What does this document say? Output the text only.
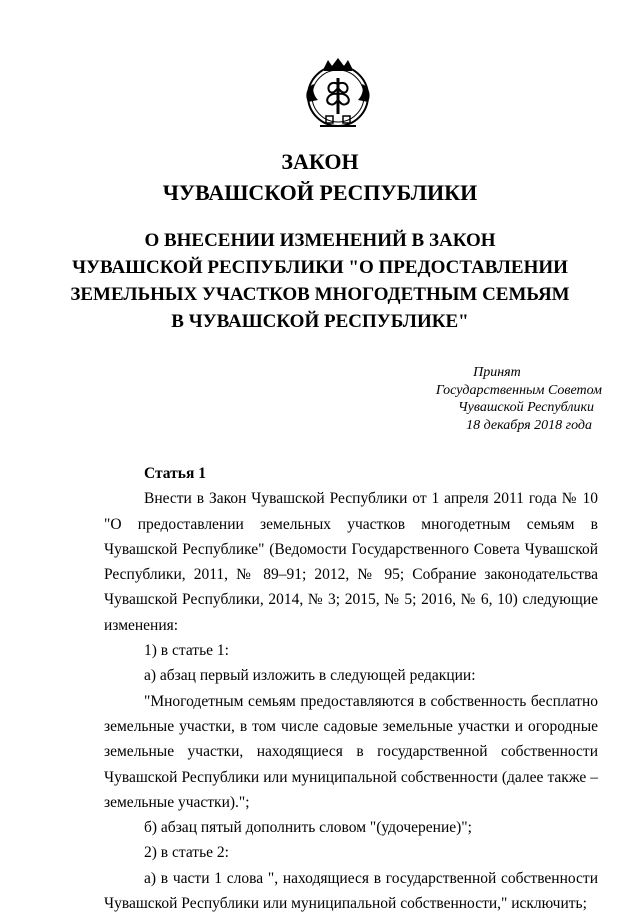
ЗАКОН
ЧУВАШСКОЙ РЕСПУБЛИКИ
О ВНЕСЕНИИ ИЗМЕНЕНИЙ В ЗАКОН
ЧУВАШСКОЙ РЕСПУБЛИКИ "О ПРЕДОСТАВЛЕНИИ
ЗЕМЕЛЬНЫХ УЧАСТКОВ МНОГОДЕТНЫМ СЕМЬЯМ
В ЧУВАШСКОЙ РЕСПУБЛИКЕ"
Принят
Государственным Советом
Чувашской Республики
18 декабря 2018 года

Статья 1

Внести в Закон Чувашской Республики от 1 апреля 2011 года № 10 "О предоставлении земельных участков многодетным семьям в Чувашской Республике" (Ведомости Государственного Совета Чувашской Республики, 2011, № 89–91; 2012, № 95; Собрание законодательства Чувашской Республики, 2014, № 3; 2015, № 5; 2016, № 6, 10) следующие изменения:

1) в статье 1:

а) абзац первый изложить в следующей редакции:

"Многодетным семьям предоставляются в собственность бесплатно земельные участки, в том числе садовые земельные участки и огородные земельные участки, находящиеся в государственной собственности Чувашской Республики или муниципальной собственности (далее также – земельные участки).";

б) абзац пятый дополнить словом "(удочерение)";

2) в статье 2:

а) в части 1 слова ", находящиеся в государственной собственности Чувашской Республики или муниципальной собственности," исключить;
